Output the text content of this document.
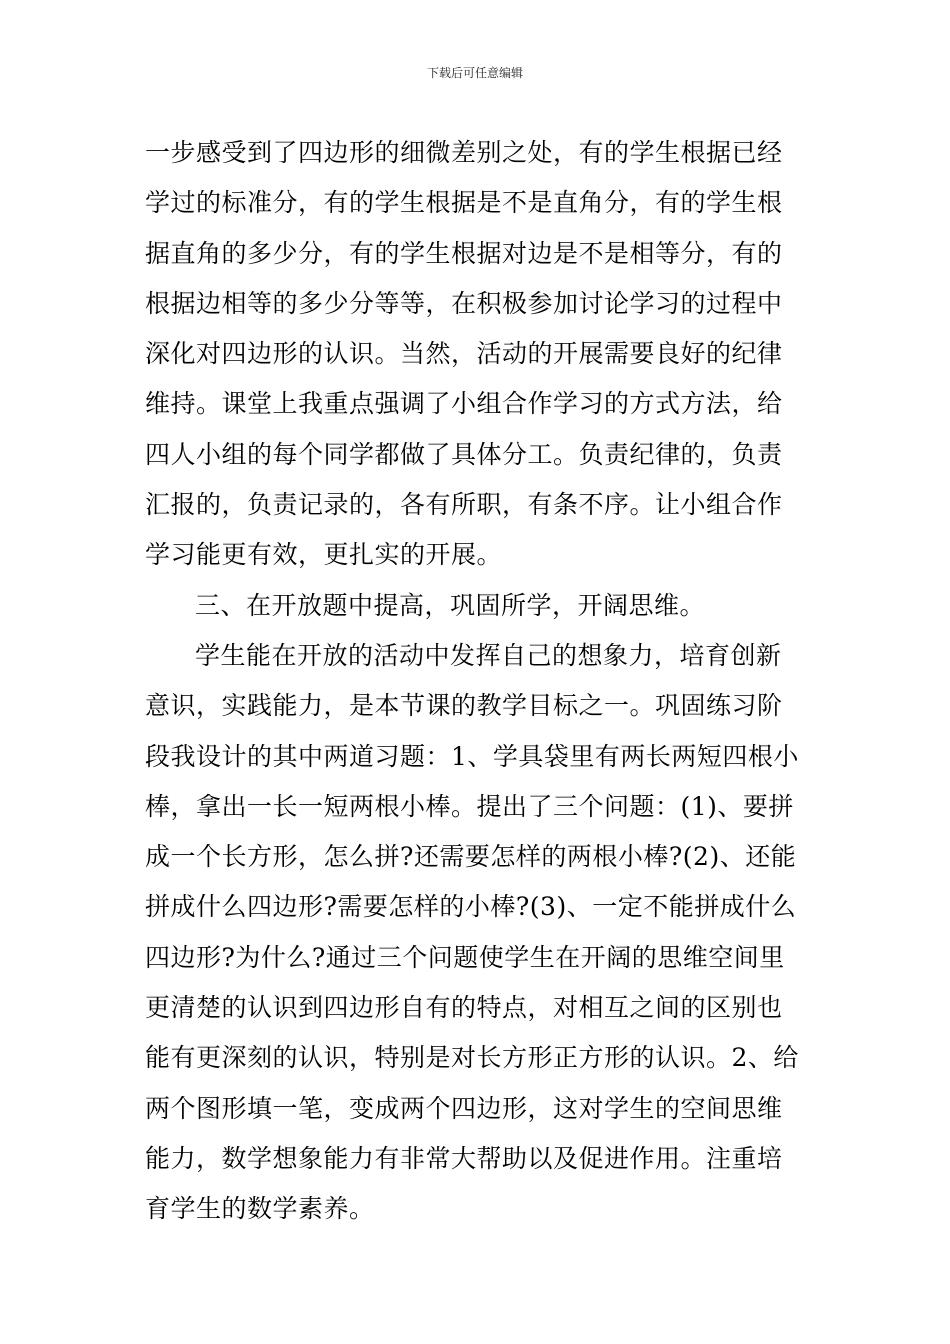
下载后可任意编辑
一步感受到了四边形的细微差别之处，有的学生根据已经
学过的标准分，有的学生根据是不是直角分，有的学生根
据直角的多少分，有的学生根据对边是不是相等分，有的
根据边相等的多少分等等，在积极参加讨论学习的过程中
深化对四边形的认识。当然，活动的开展需要良好的纪律
维持。课堂上我重点强调了小组合作学习的方式方法，给
四人小组的每个同学都做了具体分工。负责纪律的，负责
汇报的，负责记录的，各有所职，有条不序。让小组合作
学习能更有效，更扎实的开展。
三、在开放题中提高，巩固所学，开阔思维。
学生能在开放的活动中发挥自己的想象力，培育创新
意识，实践能力，是本节课的教学目标之一。巩固练习阶
段我设计的其中两道习题：1、学具袋里有两长两短四根小
棒，拿出一长一短两根小棒。提出了三个问题：(1)、要拼
成一个长方形，怎么拼?还需要怎样的两根小棒?(2)、还能
拼成什么四边形?需要怎样的小棒?(3)、一定不能拼成什么
四边形?为什么?通过三个问题使学生在开阔的思维空间里
更清楚的认识到四边形自有的特点，对相互之间的区别也
能有更深刻的认识，特别是对长方形正方形的认识。2、给
两个图形填一笔，变成两个四边形，这对学生的空间思维
能力，数学想象能力有非常大帮助以及促进作用。注重培
育学生的数学素养。
